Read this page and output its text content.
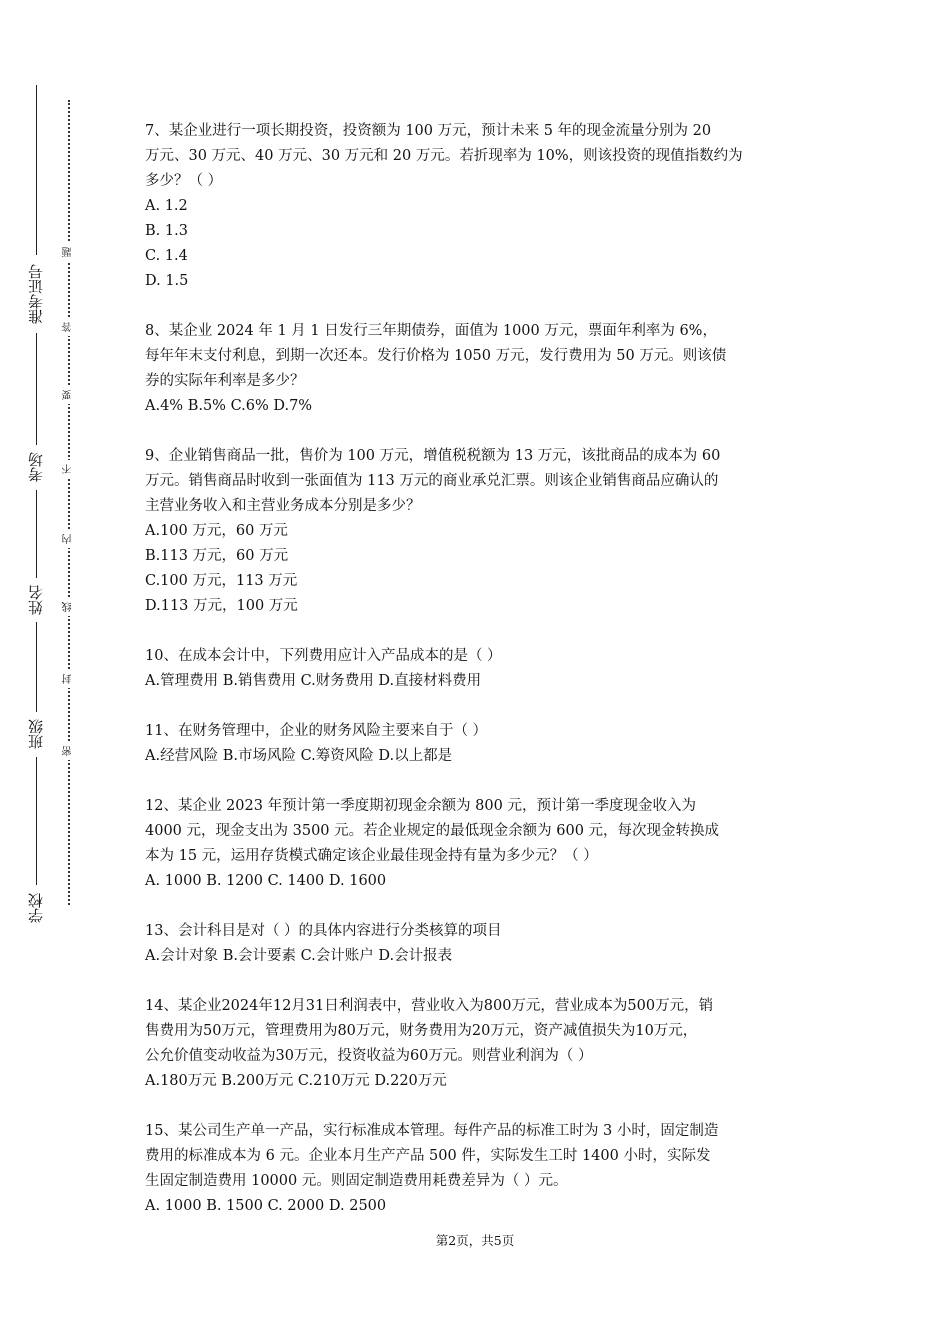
准考证号
考场
姓名
班级
学校
题
答
要
不
内
线
封
密

7、某企业进行一项长期投资，投资额为 100 万元，预计未来 5 年的现金流量分别为 20

万元、30 万元、40 万元、30 万元和 20 万元。若折现率为 10%，则该投资的现值指数约为

多少？（ ）

A. 1.2

B. 1.3

C. 1.4

D. 1.5

8、某企业 2024 年 1 月 1 日发行三年期债券，面值为 1000 万元，票面年利率为 6%，

每年年末支付利息，到期一次还本。发行价格为 1050 万元，发行费用为 50 万元。则该债

券的实际年利率是多少？

A.4% B.5% C.6% D.7%

9、企业销售商品一批，售价为 100 万元，增值税税额为 13 万元，该批商品的成本为 60

万元。销售商品时收到一张面值为 113 万元的商业承兑汇票。则该企业销售商品应确认的

主营业务收入和主营业务成本分别是多少？

A.100 万元，60 万元

B.113 万元，60 万元

C.100 万元，113 万元

D.113 万元，100 万元

10、在成本会计中，下列费用应计入产品成本的是（ ）

A.管理费用 B.销售费用 C.财务费用 D.直接材料费用

11、在财务管理中，企业的财务风险主要来自于（ ）

A.经营风险 B.市场风险 C.筹资风险 D.以上都是

12、某企业 2023 年预计第一季度期初现金余额为 800 元，预计第一季度现金收入为

4000 元，现金支出为 3500 元。若企业规定的最低现金余额为 600 元，每次现金转换成

本为 15 元，运用存货模式确定该企业最佳现金持有量为多少元？（ ）

A. 1000 B. 1200 C. 1400 D. 1600

13、会计科目是对（ ）的具体内容进行分类核算的项目

A.会计对象 B.会计要素 C.会计账户 D.会计报表

14、某企业2024年12月31日利润表中，营业收入为800万元，营业成本为500万元，销

售费用为50万元，管理费用为80万元，财务费用为20万元，资产减值损失为10万元，

公允价值变动收益为30万元，投资收益为60万元。则营业利润为（ ）

A.180万元 B.200万元 C.210万元 D.220万元

15、某公司生产单一产品，实行标准成本管理。每件产品的标准工时为 3 小时，固定制造

费用的标准成本为 6 元。企业本月生产产品 500 件，实际发生工时 1400 小时，实际发

生固定制造费用 10000 元。则固定制造费用耗费差异为（ ）元。

A. 1000 B. 1500 C. 2000 D. 2500

第2页，共5页
